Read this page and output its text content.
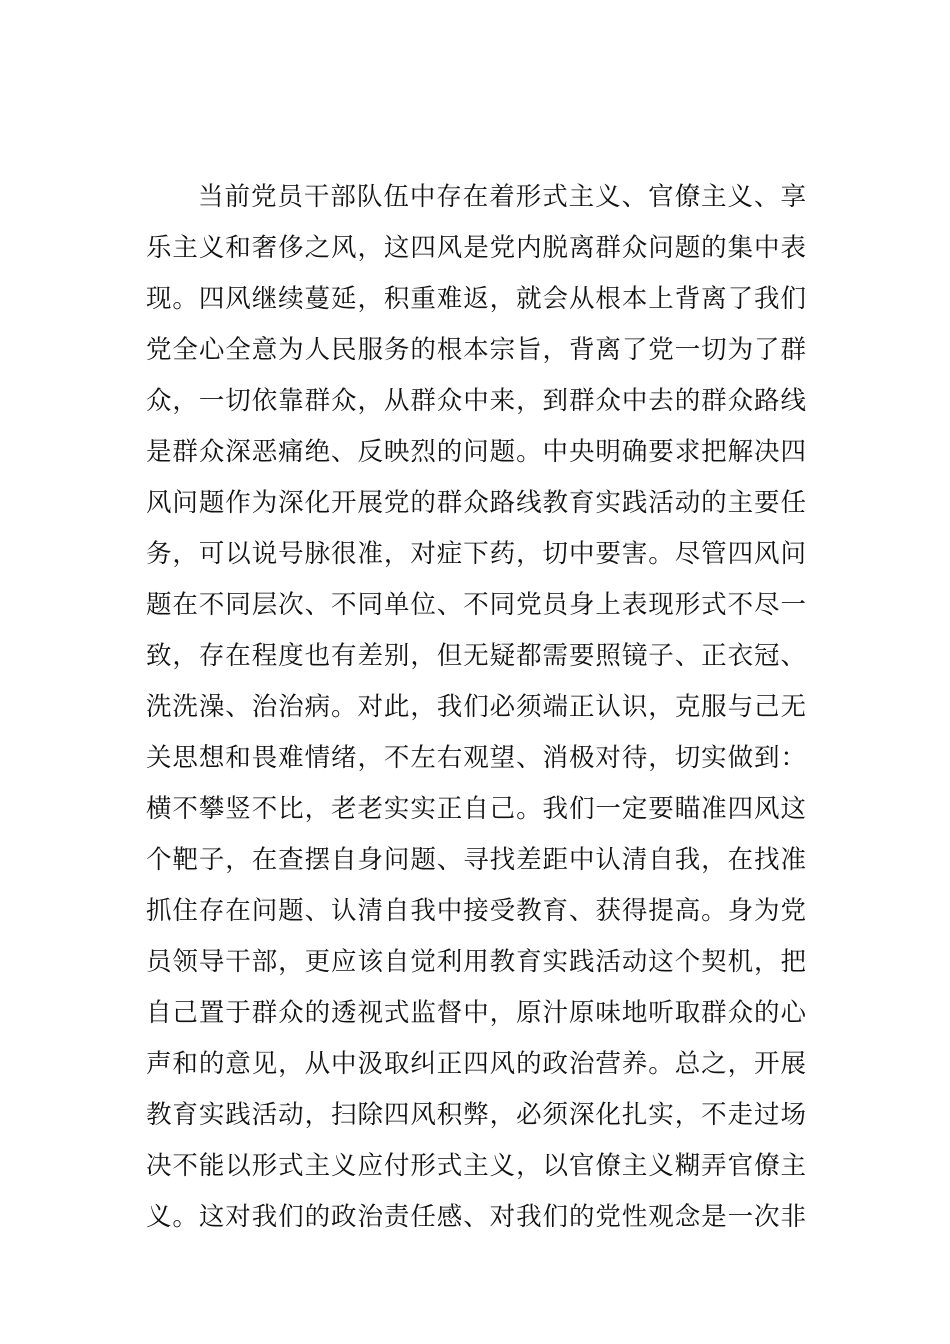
当前党员干部队伍中存在着形式主义、官僚主义、享
乐主义和奢侈之风，这四风是党内脱离群众问题的集中表
现。四风继续蔓延，积重难返，就会从根本上背离了我们
党全心全意为人民服务的根本宗旨，背离了党一切为了群
众，一切依靠群众，从群众中来，到群众中去的群众路线
是群众深恶痛绝、反映烈的问题。中央明确要求把解决四
风问题作为深化开展党的群众路线教育实践活动的主要任
务，可以说号脉很准，对症下药，切中要害。尽管四风问
题在不同层次、不同单位、不同党员身上表现形式不尽一
致，存在程度也有差别，但无疑都需要照镜子、正衣冠、
洗洗澡、治治病。对此，我们必须端正认识，克服与己无
关思想和畏难情绪，不左右观望、消极对待，切实做到：
横不攀竖不比，老老实实正自己。我们一定要瞄准四风这
个靶子，在查摆自身问题、寻找差距中认清自我，在找准
抓住存在问题、认清自我中接受教育、获得提高。身为党
员领导干部，更应该自觉利用教育实践活动这个契机，把
自己置于群众的透视式监督中，原汁原味地听取群众的心
声和的意见，从中汲取纠正四风的政治营养。总之，开展
教育实践活动，扫除四风积弊，必须深化扎实，不走过场
决不能以形式主义应付形式主义，以官僚主义糊弄官僚主
义。这对我们的政治责任感、对我们的党性观念是一次非
